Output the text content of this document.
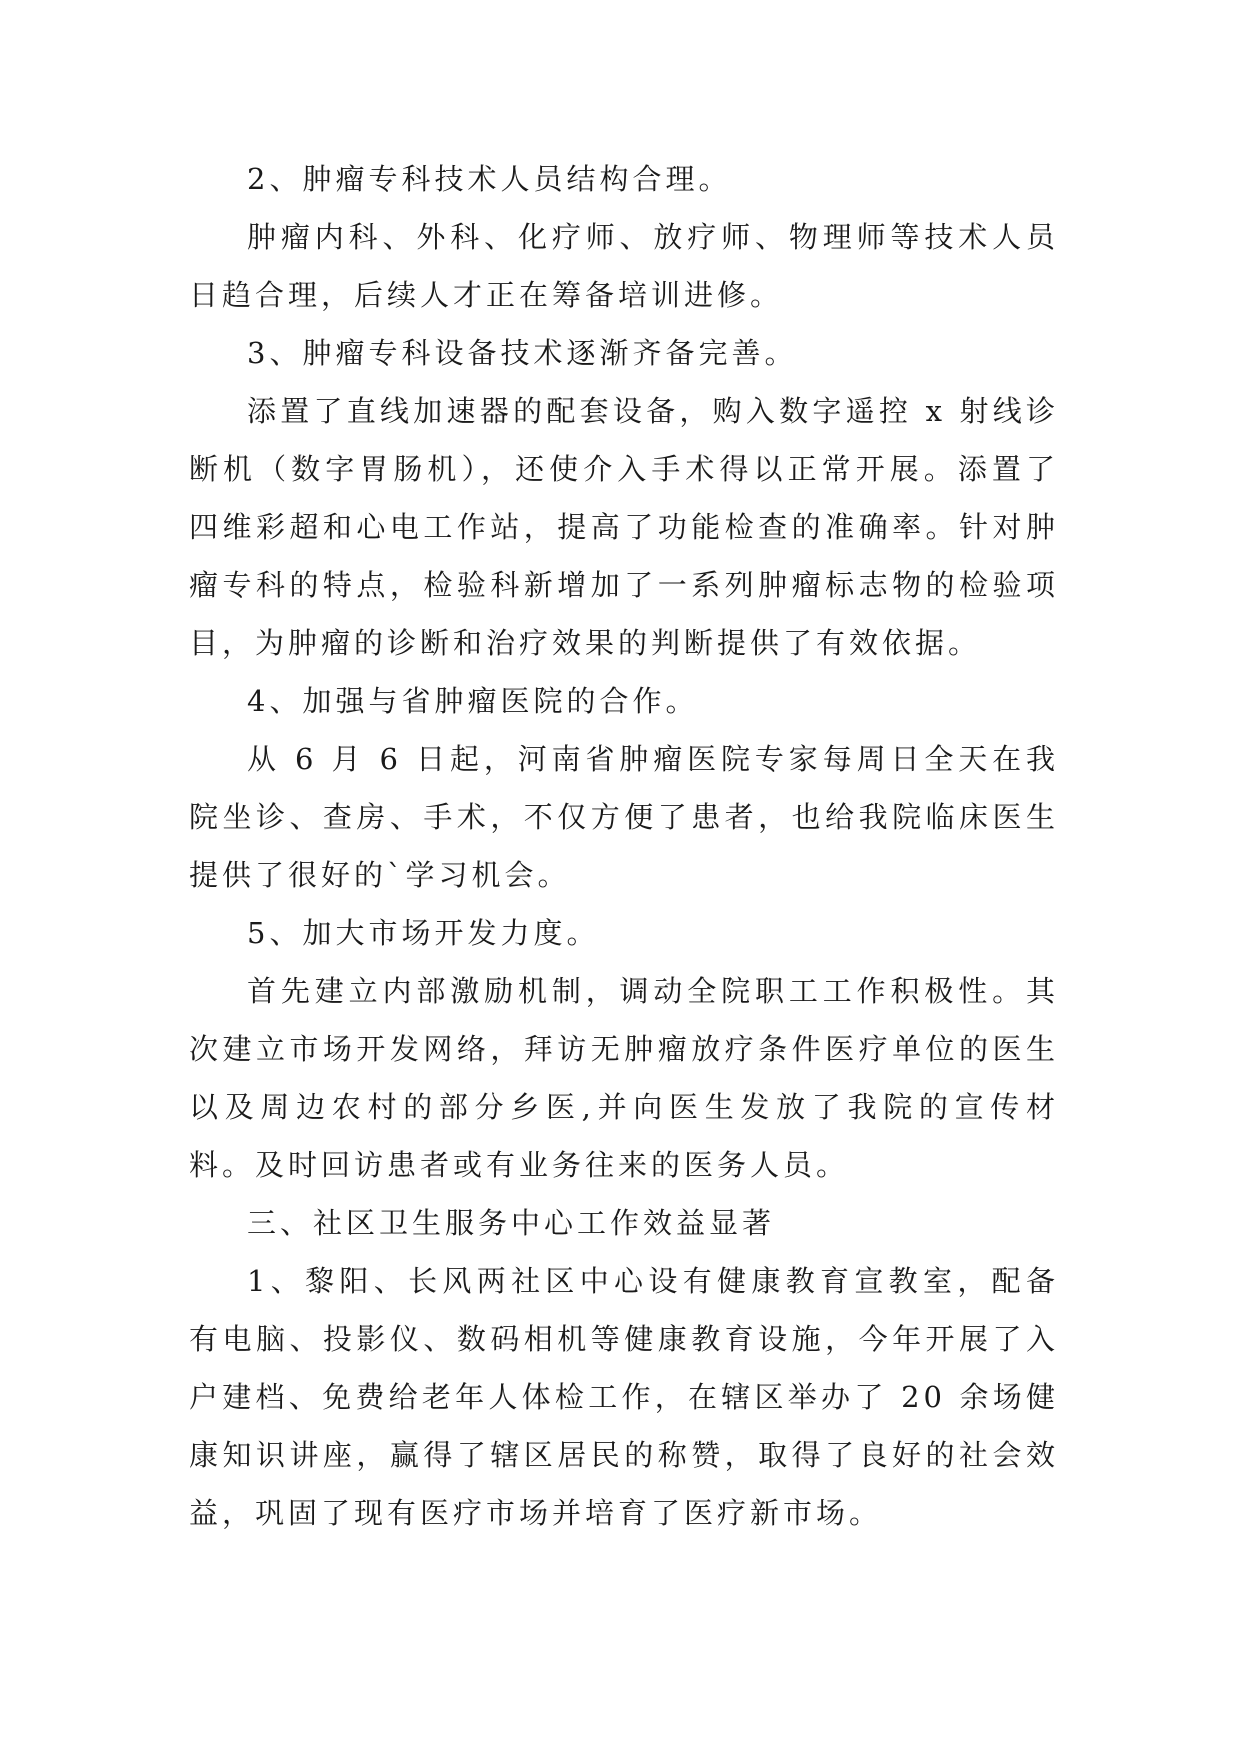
2、肿瘤专科技术人员结构合理。

肿瘤内科、外科、化疗师、放疗师、物理师等技术人员日趋合理，后续人才正在筹备培训进修。

3、肿瘤专科设备技术逐渐齐备完善。

添置了直线加速器的配套设备，购入数字遥控 x 射线诊断机（数字胃肠机），还使介入手术得以正常开展。添置了四维彩超和心电工作站，提高了功能检查的准确率。针对肿瘤专科的特点，检验科新增加了一系列肿瘤标志物的检验项目，为肿瘤的诊断和治疗效果的判断提供了有效依据。

4、加强与省肿瘤医院的合作。

从 6 月 6 日起，河南省肿瘤医院专家每周日全天在我院坐诊、查房、手术，不仅方便了患者，也给我院临床医生提供了很好的`学习机会。

5、加大市场开发力度。

首先建立内部激励机制，调动全院职工工作积极性。其次建立市场开发网络，拜访无肿瘤放疗条件医疗单位的医生以及周边农村的部分乡医,并向医生发放了我院的宣传材料。及时回访患者或有业务往来的医务人员。

三、社区卫生服务中心工作效益显著

1、黎阳、长风两社区中心设有健康教育宣教室，配备有电脑、投影仪、数码相机等健康教育设施，今年开展了入户建档、免费给老年人体检工作，在辖区举办了 20 余场健康知识讲座，赢得了辖区居民的称赞，取得了良好的社会效益，巩固了现有医疗市场并培育了医疗新市场。
